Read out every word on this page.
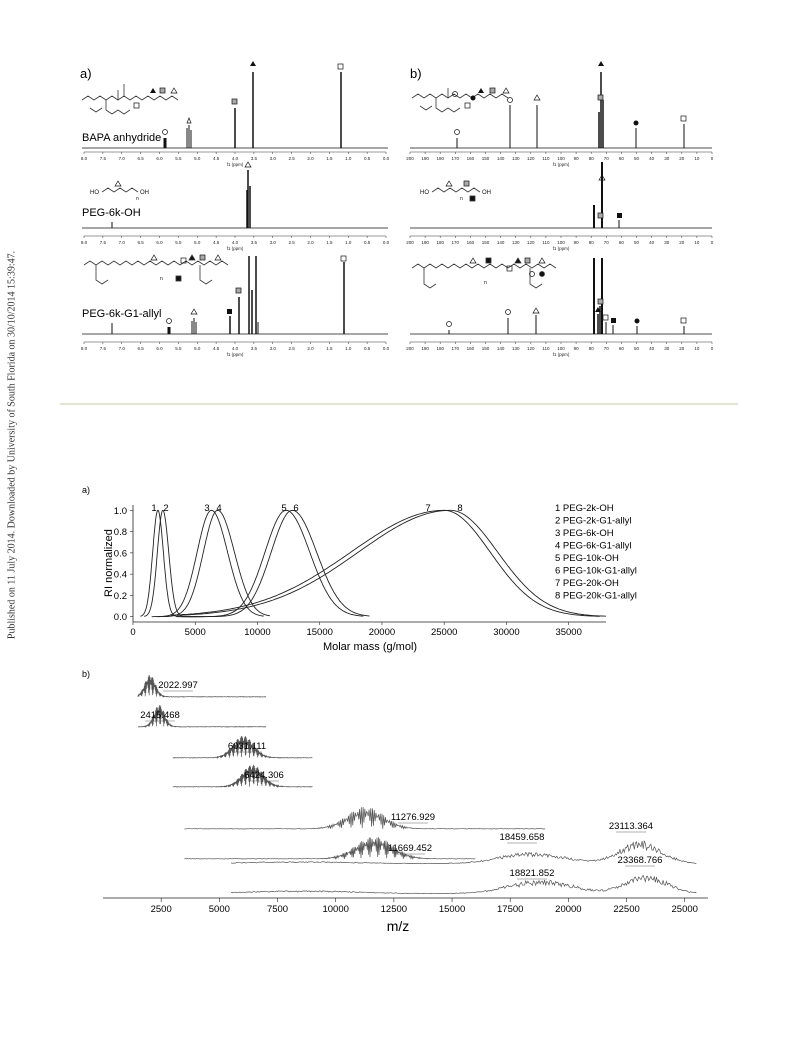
Published on 11 July 2014. Downloaded by University of South Florida on 30/10/2014 15:39:47.
a)
BAPA anhydride
8.0	7.5	7.0	6.5	6.0	5.5	5.0	4.5	4.0	3.5	3.0	2.5	2.0	1.5	1.0	0.5	0.0
f1 (ppm)
HO
n
OH
PEG-6k-OH
8.0	7.5	7.0	6.5	6.0	5.5	5.0	4.5	4.0	3.5	3.0	2.5	2.0	1.5	1.0	0.5	0.0
f1 (ppm)
n
PEG-6k-G1-allyl
8.0	7.5	7.0	6.5	6.0	5.5	5.0	4.5	4.0	3.5	3.0	2.5	2.0	1.5	1.0	0.5	0.0
f1 (ppm)
b)
200 190 180 170 160 150 140 130 120 110 100 90 80 70 60 50 40 30 20 10	0
f1 (ppm)
HO
n
OH
200 190 180 170 160 150 140 130 120 110 100 90 80 70 60 50 40 30 20 10	0
f1 (ppm)
n
200 190 180 170 160 150 140 130 120 110 100 90 80 70 60 50 40 30 20 10	0
f1 (ppm)
a)
0	5000	10000	15000	20000	25000	30000	35000
0.0
0.2
0.4
0.6
0.8
1.0	1 2	3 4	5 6	7	8	1 PEG-2k-OH
2 PEG-2k-G1-allyl
3 PEG-6k-OH
4 PEG-6k-G1-allyl
5 PEG-10k-OH
6 PEG-10k-G1-allyl
7 PEG-20k-OH
8 PEG-20k-G1-allyl
Molar mass (g/mol)
RI normalized
b)
2022.997
2415.468
6031.111
6424.306
11276.929
11669.452
18459.658
23113.364
18821.852
23368.766
2500	5000	7500	10000	12500	15000	17500	20000	22500	25000
m/z
